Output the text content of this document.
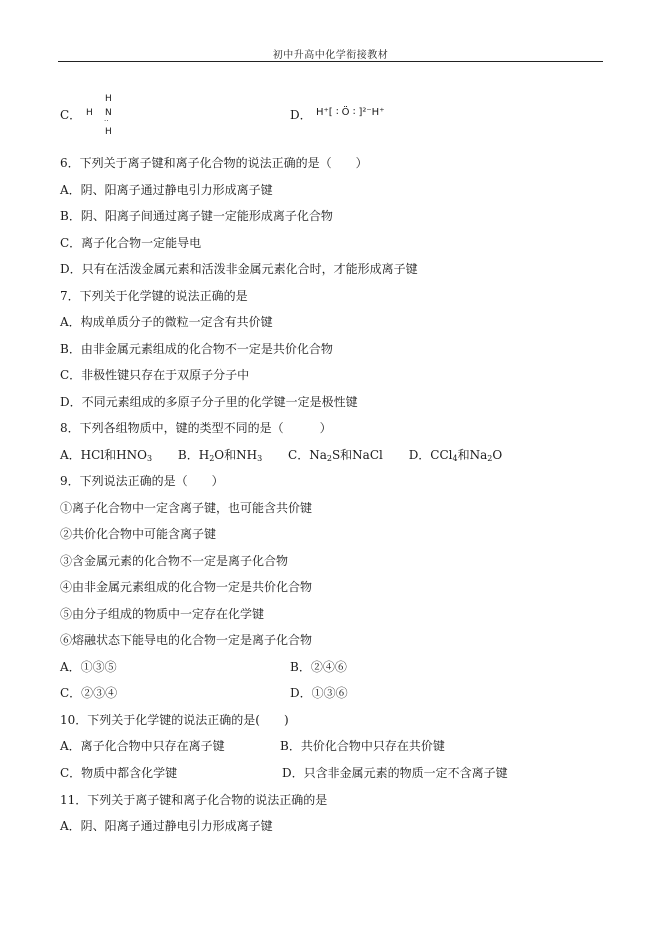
初中升高中化学衔接教材
C．
H
H N
··
H
D． H⁺[ ∶ Ö ∶ ]²⁻H⁺
6．下列关于离子键和离子化合物的说法正确的是（　　）
A．阴、阳离子通过静电引力形成离子键
B．阴、阳离子间通过离子键一定能形成离子化合物
C．离子化合物一定能导电
D．只有在活泼金属元素和活泼非金属元素化合时，才能形成离子键
7．下列关于化学键的说法正确的是
A．构成单质分子的微粒一定含有共价键
B．由非金属元素组成的化合物不一定是共价化合物
C．非极性键只存在于双原子分子中
D．不同元素组成的多原子分子里的化学键一定是极性键
8．下列各组物质中，键的类型不同的是（　　　）
A．HCl和$HNO_3$ B．$H_2O$和$NH_3$ C．$Na_2S$和NaCl D．CCl$_4$和$Na_2O$
9．下列说法正确的是（　　）
①离子化合物中一定含离子键，也可能含共价键
②共价化合物中可能含离子键
③含金属元素的化合物不一定是离子化合物
④由非金属元素组成的化合物一定是共价化合物
⑤由分子组成的物质中一定存在化学键
⑥熔融状态下能导电的化合物一定是离子化合物
A．①③⑤	B．②④⑥
C．②③④	D．①③⑥
10．下列关于化学键的说法正确的是(　　)
A．离子化合物中只存在离子键	B．共价化合物中只存在共价键
C．物质中都含化学键	D．只含非金属元素的物质一定不含离子键
11．下列关于离子键和离子化合物的说法正确的是
A．阴、阳离子通过静电引力形成离子键
